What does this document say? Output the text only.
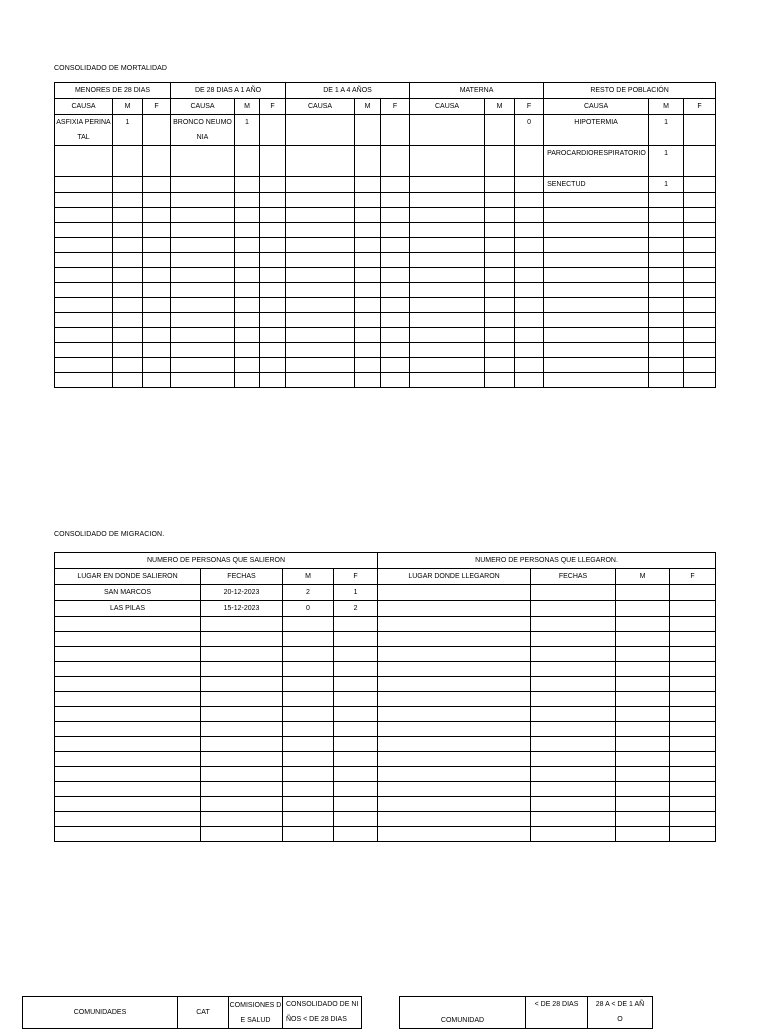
CONSOLIDADO DE MORTALIDAD
MENORES DE 28 DIAS			DE 28 DIAS A 1 AÑO			DE 1 A 4 AÑOS			MATERNA			RESTO DE POBLACIÓN		
CAUSA	M	F	CAUSA	M	F	CAUSA	M	F	CAUSA	M	F	CAUSA	M	F
ASFIXIA PERINATAL	1		BRONCO NEUMONIA	1							0	HIPOTERMIA	1	
												PAROCARDIORESPIRATORIO	1	
												SENECTUD	1	

CONSOLIDADO DE MIGRACION.
NUMERO DE PERSONAS QUE SALIERON				NUMERO DE PERSONAS QUE LLEGARON.			
LUGAR EN DONDE SALIERON	FECHAS	M	F	LUGAR DONDE LLEGARON	FECHAS	M	F
SAN MARCOS	20-12-2023	2	1				
LAS PILAS	15-12-2023	0	2				

COMUNIDADES	CAT	COMISIONES DE SALUD	CONSOLIDADO DE NIÑOS < DE 28 DIAS	COMUNIDAD	< DE 28 DIAS	28 A < DE 1 AÑO
